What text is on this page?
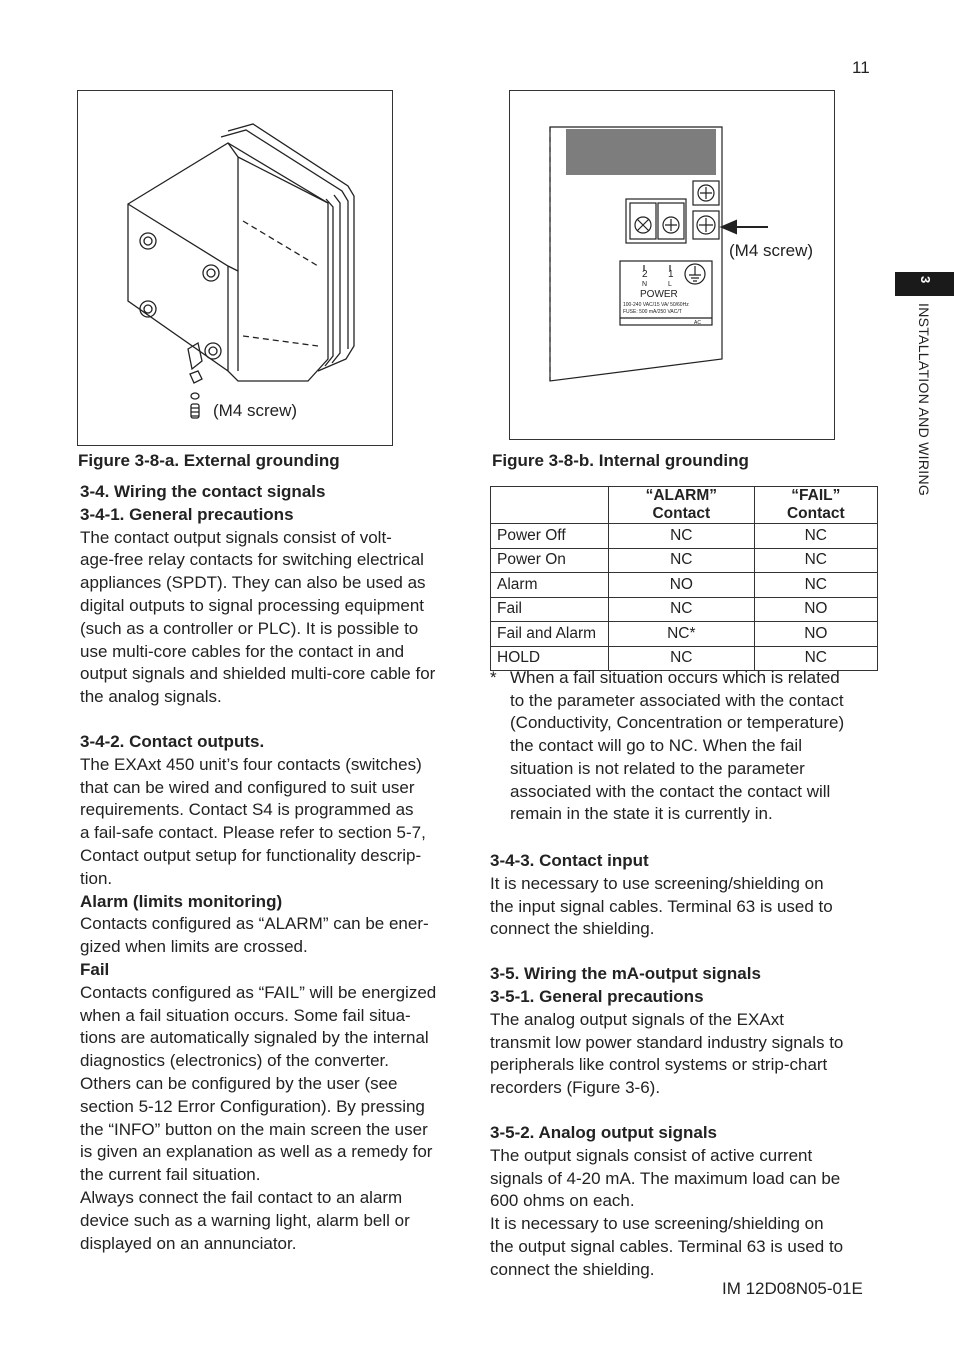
11
3
INSTALLATION AND WIRING
(M4 screw)
Figure 3-8-a. External grounding
2 1
N	L
POWER
100-240 VAC/15 VA/ 50/60Hz
FUSE: 500 mA/250 VAC/T
AC
(M4 screw)
Figure 3-8-b. Internal grounding

3-4. Wiring the contact signals

3-4-1. General precautions

The contact output signals consist of volt-

age-free relay contacts for switching electrical

appliances (SPDT). They can also be used as

digital outputs to signal processing equipment

(such as a controller or PLC). It is possible to

use multi-core cables for the contact in and

output signals and shielded multi-core cable for

the analog signals.

3-4-2. Contact outputs.

The EXAxt 450 unit’s four contacts (switches)

that can be wired and configured to suit user

requirements. Contact S4 is programmed as

a fail-safe contact. Please refer to section 5-7,

Contact output setup for functionality descrip-

tion.

Alarm (limits monitoring)

Contacts configured as “ALARM” can be ener-

gized when limits are crossed.

Fail

Contacts configured as “FAIL” will be energized

when a fail situation occurs. Some fail situa-

tions are automatically signaled by the internal

diagnostics (electronics) of the converter.

Others can be configured by the user (see

section 5-12 Error Configuration). By pressing

the “INFO” button on the main screen the user

is given an explanation as well as a remedy for

the current fail situation.

Always connect the fail contact to an alarm

device such as a warning light, alarm bell or

displayed on an annunciator.

	“ALARM” Contact	“FAIL” Contact
Power Off	NC	NC
Power On	NC	NC
Alarm	NO	NC
Fail	NC	NO
Fail and Alarm	NC*	NO
HOLD	NC	NC
* When a fail situation occurs which is related
to the parameter associated with the contact
(Conductivity, Concentration or temperature)
the contact will go to NC. When the fail
situation is not related to the parameter
associated with the contact the contact will
remain in the state it is currently in.

3-4-3. Contact input

It is necessary to use screening/shielding on

the input signal cables. Terminal 63 is used to

connect the shielding.

3-5. Wiring the mA-output signals

3-5-1. General precautions

The analog output signals of the EXAxt

transmit low power standard industry signals to

peripherals like control systems or strip-chart

recorders (Figure 3-6).

3-5-2. Analog output signals

The output signals consist of active current

signals of 4-20 mA. The maximum load can be

600 ohms on each.

It is necessary to use screening/shielding on

the output signal cables. Terminal 63 is used to

connect the shielding.

IM 12D08N05-01E
